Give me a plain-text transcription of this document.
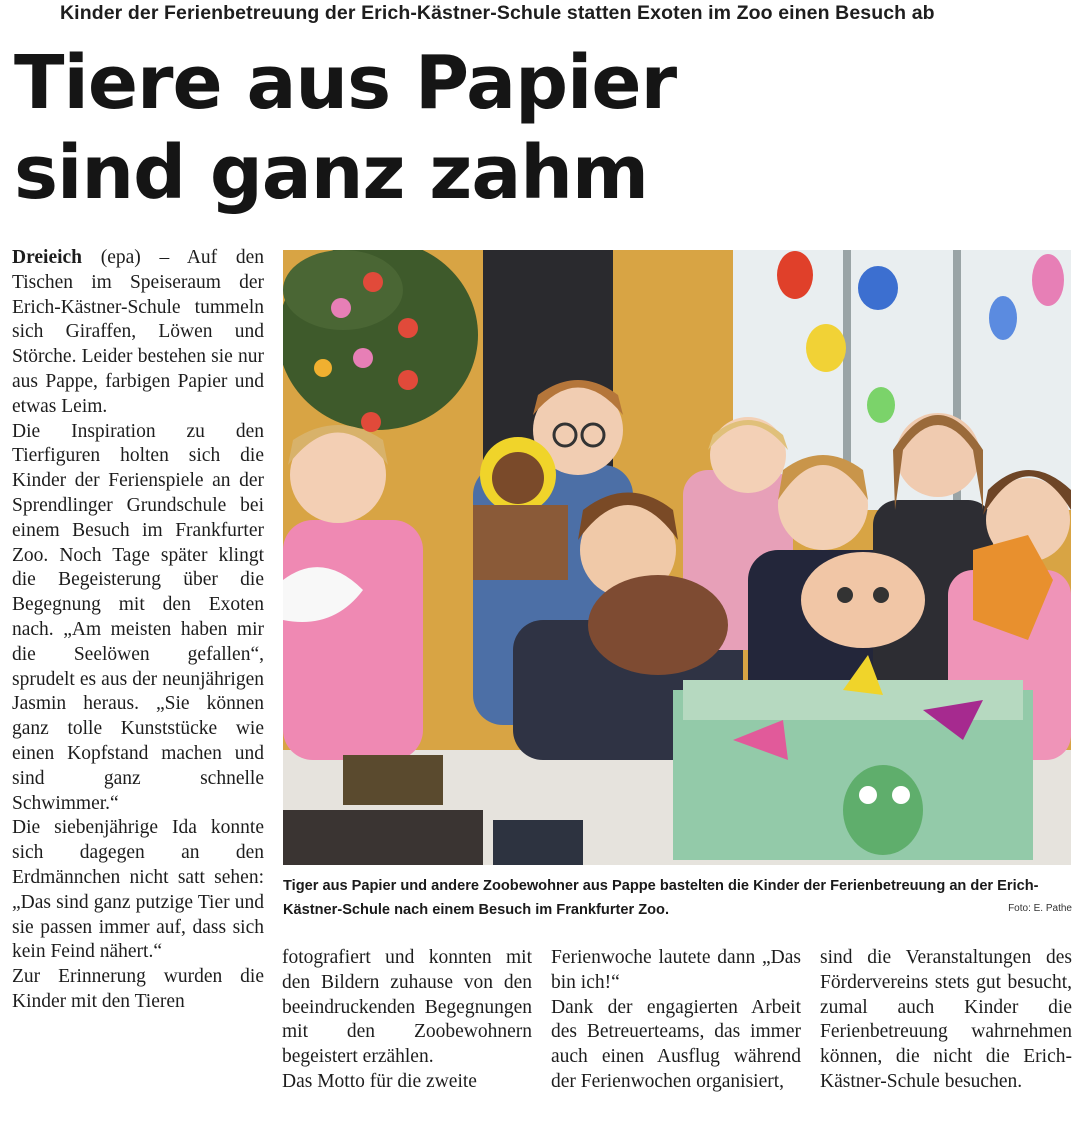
Kinder der Ferienbetreuung der Erich-Kästner-Schule statten Exoten im Zoo einen Besuch ab
Tiere aus Papier
sind ganz zahm

Dreieich (epa) – Auf den Tischen im Speiseraum der Erich-Kästner-Schule tummeln sich Giraffen, Löwen und Störche. Leider bestehen sie nur aus Pappe, farbigen Papier und etwas Leim.

Die Inspiration zu den Tierfiguren holten sich die Kinder der Ferienspiele an der Sprendlinger Grundschule bei einem Besuch im Frankfurter Zoo. Noch Tage später klingt die Begeisterung über die Begegnung mit den Exoten nach. „Am meisten haben mir die Seelöwen gefallen“, sprudelt es aus der neunjährigen Jasmin heraus. „Sie können ganz tolle Kunststücke wie einen Kopfstand machen und sind ganz schnelle Schwimmer.“

Die siebenjährige Ida konnte sich dagegen an den Erdmännchen nicht satt sehen: „Das sind ganz putzige Tier und sie passen immer auf, dass sich kein Feind nähert.“

Zur Erinnerung wurden die Kinder mit den Tieren

Tiger aus Papier und andere Zoobewohner aus Pappe bastelten die Kinder der Ferienbetreuung an der Erich-Kästner-Schule nach einem Besuch im Frankfurter Zoo.	Foto: E. Pathe

fotografiert und konnten mit den Bildern zuhause von den beeindruckenden Begegnungen mit den Zoobewohnern begeistert erzählen.

Das Motto für die zweite

Ferienwoche lautete dann „Das bin ich!“

Dank der engagierten Arbeit des Betreuerteams, das immer auch einen Ausflug während der Ferienwochen organisiert,

sind die Veranstaltungen des Fördervereins stets gut besucht, zumal auch Kinder die Ferienbetreuung wahrnehmen können, die nicht die Erich-Kästner-Schule besuchen.
